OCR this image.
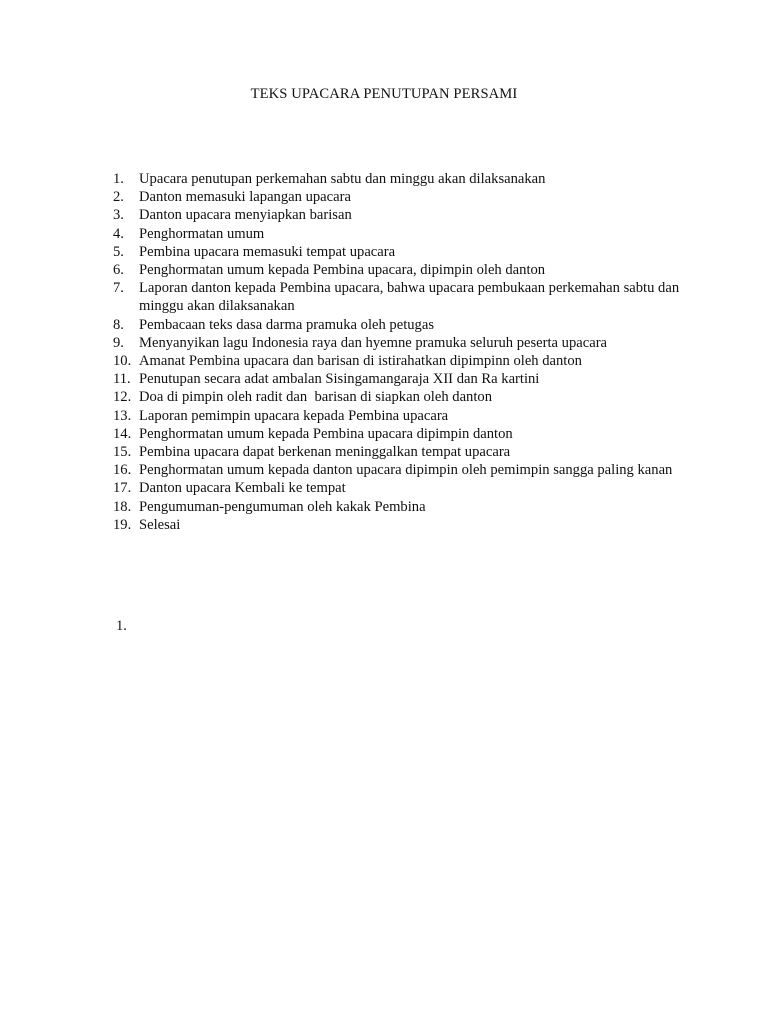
TEKS UPACARA PENUTUPAN PERSAMI
1. Upacara penutupan perkemahan sabtu dan minggu akan dilaksanakan
2. Danton memasuki lapangan upacara
3. Danton upacara menyiapkan barisan
4. Penghormatan umum
5. Pembina upacara memasuki tempat upacara
6. Penghormatan umum kepada Pembina upacara, dipimpin oleh danton
7. Laporan danton kepada Pembina upacara, bahwa upacara pembukaan perkemahan sabtu dan minggu akan dilaksanakan
8. Pembacaan teks dasa darma pramuka oleh petugas
9. Menyanyikan lagu Indonesia raya dan hyemne pramuka seluruh peserta upacara
10. Amanat Pembina upacara dan barisan di istirahatkan dipimpinn oleh danton
11. Penutupan secara adat ambalan Sisingamangaraja XII dan Ra kartini
12. Doa di pimpin oleh radit dan  barisan di siapkan oleh danton
13. Laporan pemimpin upacara kepada Pembina upacara
14. Penghormatan umum kepada Pembina upacara dipimpin danton
15. Pembina upacara dapat berkenan meninggalkan tempat upacara
16. Penghormatan umum kepada danton upacara dipimpin oleh pemimpin sangga paling kanan
17. Danton upacara Kembali ke tempat
18. Pengumuman-pengumuman oleh kakak Pembina
19. Selesai
1.
